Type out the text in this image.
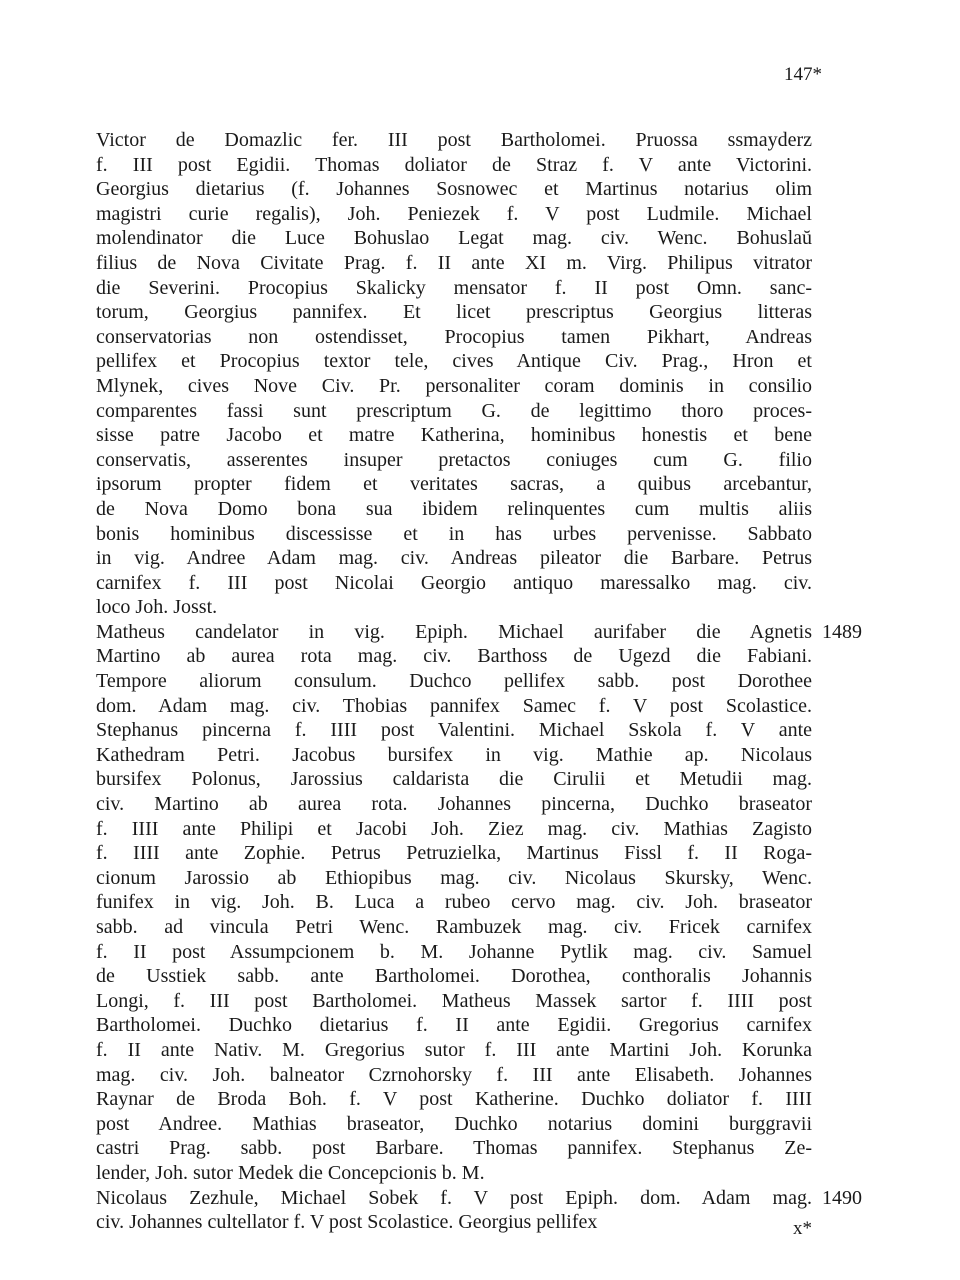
147*
Victor de Domazlic fer. III post Bartholomei. Pruossa ssmayderz
f. III post Egidii. Thomas doliator de Straz f. V ante Victorini.
Georgius dietarius (f. Johannes Sosnowec et Martinus notarius olim
magistri curie regalis), Joh. Peniezek f. V post Ludmile. Michael
molendinator die Luce Bohuslao Legat mag. civ. Wenc. Bohuslaŭ
filius de Nova Civitate Prag. f. II ante XI m. Virg. Philipus vitrator
die Severini. Procopius Skalicky mensator f. II post Omn. sanc-
torum, Georgius pannifex. Et licet prescriptus Georgius litteras
conservatorias non ostendisset, Procopius tamen Pikhart, Andreas
pellifex et Procopius textor tele, cives Antique Civ. Prag., Hron et
Mlynek, cives Nove Civ. Pr. personaliter coram dominis in consilio
comparentes fassi sunt prescriptum G. de legittimo thoro proces-
sisse patre Jacobo et matre Katherina, hominibus honestis et bene
conservatis, asserentes insuper pretactos coniuges cum G. filio
ipsorum propter fidem et veritates sacras, a quibus arcebantur,
de Nova Domo bona sua ibidem relinquentes cum multis aliis
bonis hominibus discessisse et in has urbes pervenisse. Sabbato
in vig. Andree Adam mag. civ. Andreas pileator die Barbare. Petrus
carnifex f. III post Nicolai Georgio antiquo maressalko mag. civ.
loco Joh. Josst.
Matheus candelator in vig. Epiph. Michael aurifaber die Agnetis
Martino ab aurea rota mag. civ. Barthoss de Ugezd die Fabiani.
Tempore aliorum consulum. Duchco pellifex sabb. post Dorothee
dom. Adam mag. civ. Thobias pannifex Samec f. V post Scolastice.
Stephanus pincerna f. IIII post Valentini. Michael Sskola f. V ante
Kathedram Petri. Jacobus bursifex in vig. Mathie ap. Nicolaus
bursifex Polonus, Jarossius caldarista die Cirulii et Metudii mag.
civ. Martino ab aurea rota. Johannes pincerna, Duchko braseator
f. IIII ante Philipi et Jacobi Joh. Ziez mag. civ. Mathias Zagisto
f. IIII ante Zophie. Petrus Petruzielka, Martinus Fissl f. II Roga-
cionum Jarossio ab Ethiopibus mag. civ. Nicolaus Skursky, Wenc.
funifex in vig. Joh. B. Luca a rubeo cervo mag. civ. Joh. braseator
sabb. ad vincula Petri Wenc. Rambuzek mag. civ. Fricek carnifex
f. II post Assumpcionem b. M. Johanne Pytlik mag. civ. Samuel
de Usstiek sabb. ante Bartholomei. Dorothea, conthoralis Johannis
Longi, f. III post Bartholomei. Matheus Massek sartor f. IIII post
Bartholomei. Duchko dietarius f. II ante Egidii. Gregorius carnifex
f. II ante Nativ. M. Gregorius sutor f. III ante Martini Joh. Korunka
mag. civ. Joh. balneator Czrnohorsky f. III ante Elisabeth. Johannes
Raynar de Broda Boh. f. V post Katherine. Duchko doliator f. IIII
post Andree. Mathias braseator, Duchko notarius domini burggravii
castri Prag. sabb. post Barbare. Thomas pannifex. Stephanus Ze-
lender, Joh. sutor Medek die Concepcionis b. M.
Nicolaus Zezhule, Michael Sobek f. V post Epiph. dom. Adam mag.
civ. Johannes cultellator f. V post Scolastice. Georgius pellifex
1489
1490
x*
